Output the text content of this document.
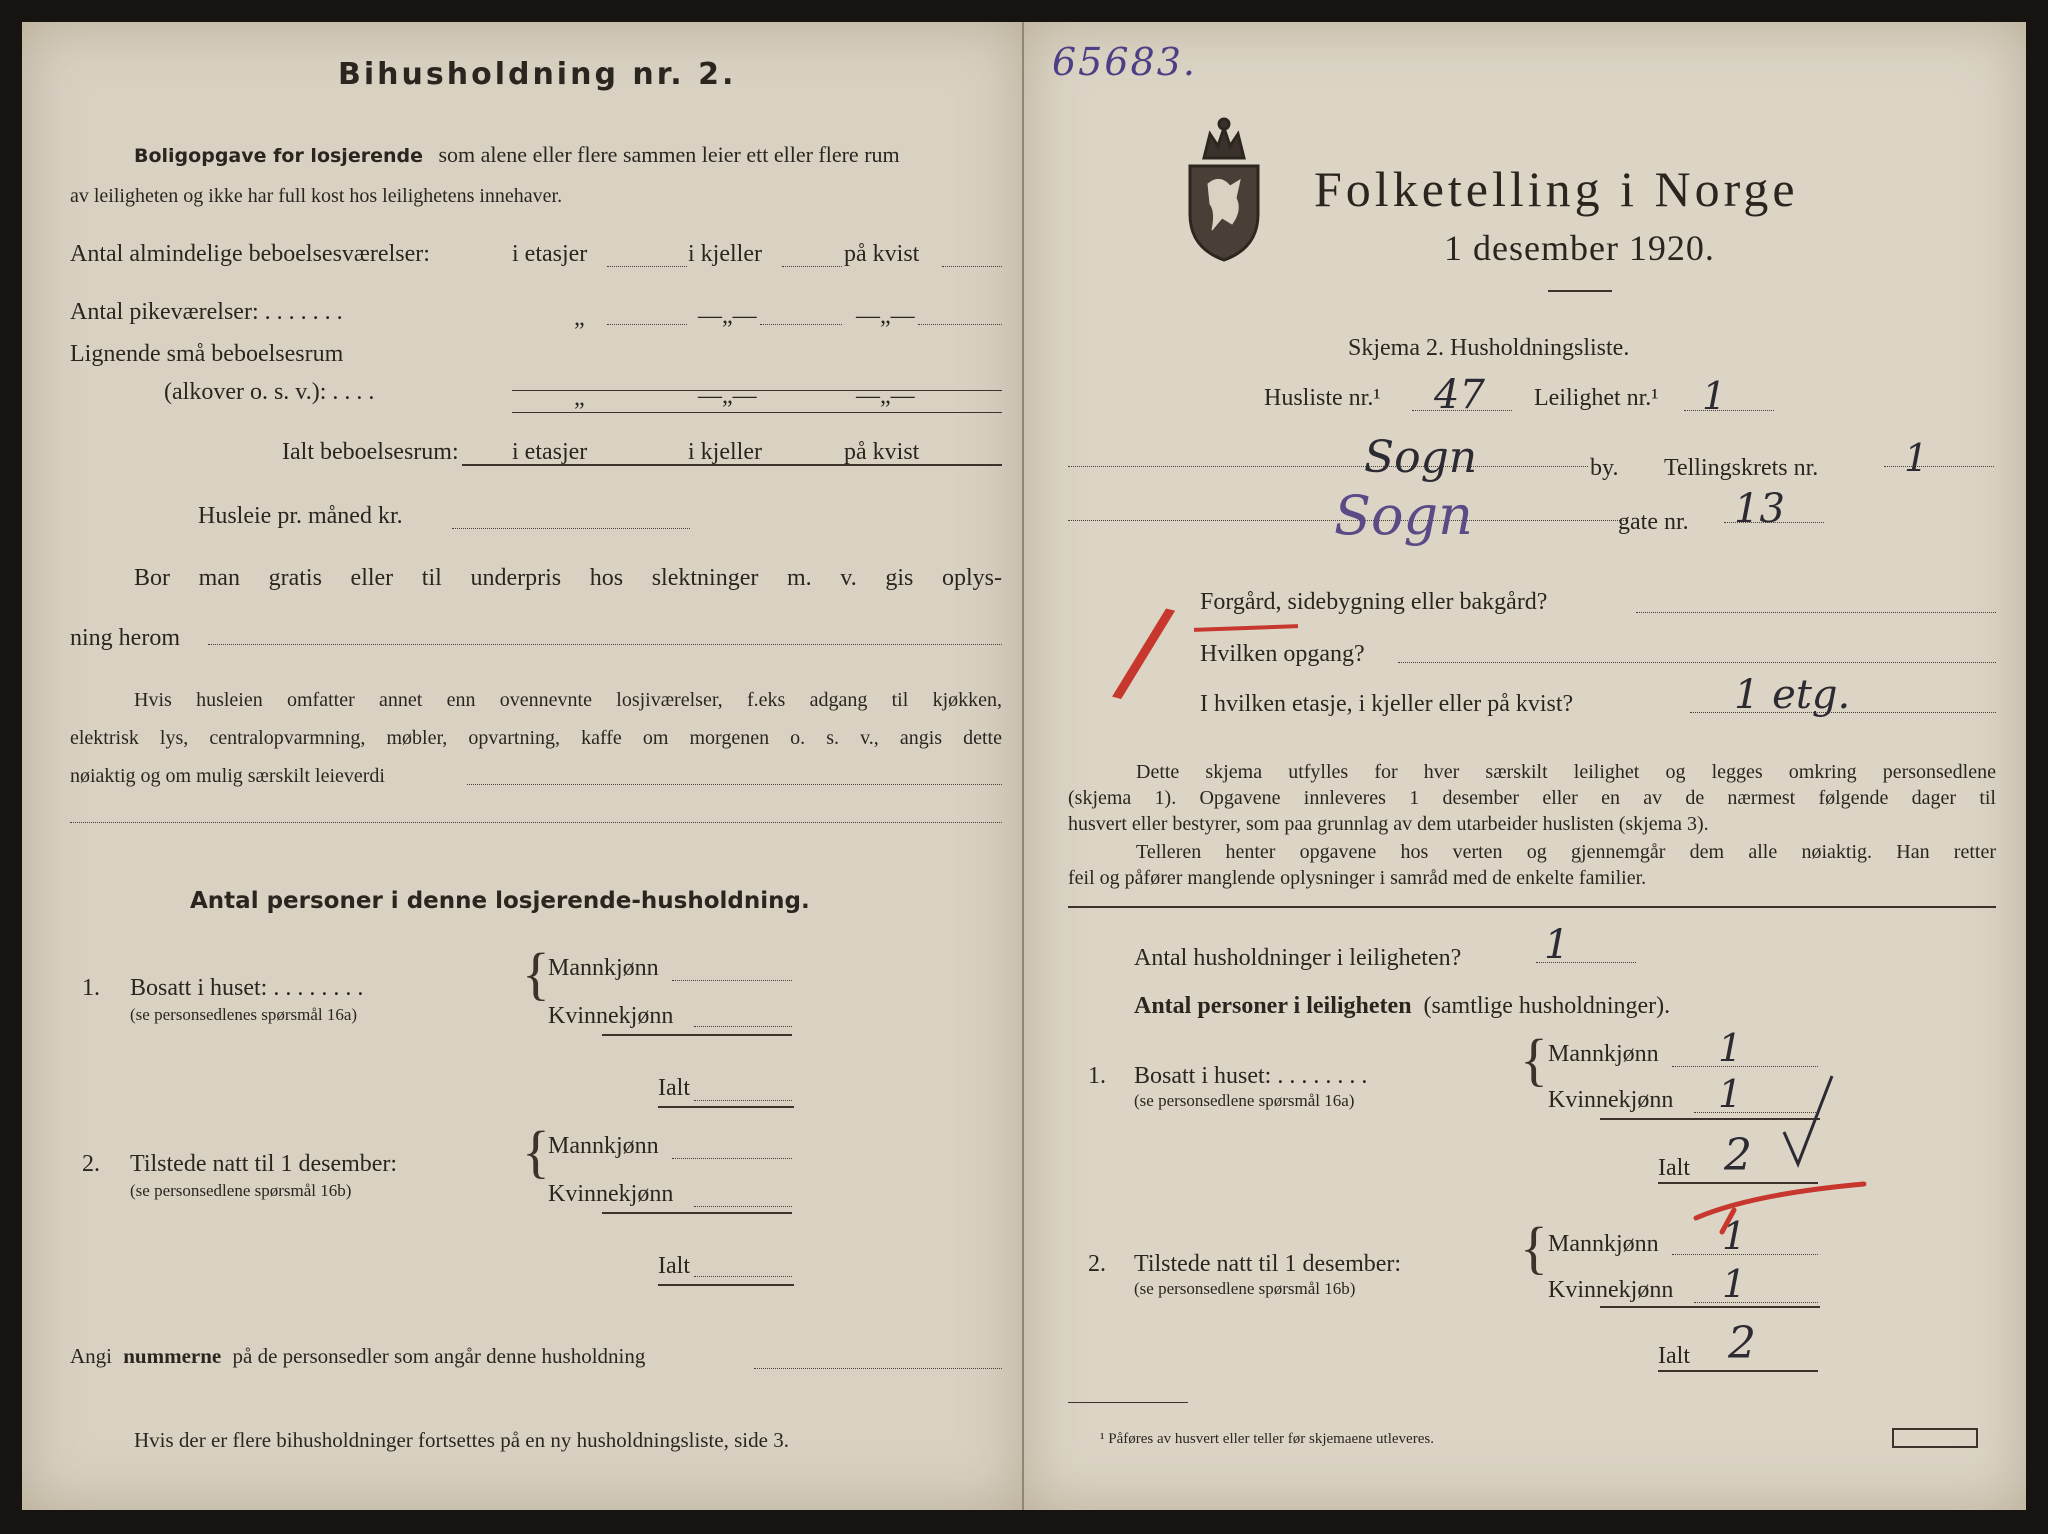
Bihusholdning nr. 2.
Boligopgave for losjerende som alene eller flere sammen leier ett eller flere rum
av leiligheten og ikke har full kost hos leilighetens innehaver.
Antal almindelige beboelsesværelser:	i etasjer	i kjeller	på kvist
Antal pikeværelser: . . . . . . .	„	—„—	—„—
Lignende små beboelsesrum
(alkover o. s. v.): . . . .	„	—„—	—„—
Ialt beboelsesrum: i etasjer	i kjeller	på kvist
Husleie pr. måned kr.
Bor man gratis eller til underpris hos slektninger m. v. gis oplys-
ning herom
Hvis husleien omfatter annet enn ovennevnte losjiværelser, f.eks adgang til kjøkken,
elektrisk lys, centralopvarmning, møbler, opvartning, kaffe om morgenen o. s. v., angis dette
nøiaktig og om mulig særskilt leieverdi
Antal personer i denne losjerende-husholdning.
1. Bosatt i huset: . . . . . . . .
(se personsedlenes spørsmål 16a)
{
Mannkjønn
Kvinnekjønn
Ialt
2. Tilstede natt til 1 desember:
(se personsedlene spørsmål 16b)
{
Mannkjønn
Kvinnekjønn
Ialt
Angi nummerne på de personsedler som angår denne husholdning
Hvis der er flere bihusholdninger fortsettes på en ny husholdningsliste, side 3.
65683.
Folketelling i Norge
1 desember 1920.
Skjema 2. Husholdningsliste.
Husliste nr.¹ 47 Leilighet nr.¹ 1
Sogn	by. Tellingskrets nr. 1
Sogn	gate nr. 13
/ Forgård, sidebygning eller bakgård?
Hvilken opgang?
I hvilken etasje, i kjeller eller på kvist?	1 etg.
Dette skjema utfylles for hver særskilt leilighet og legges omkring personsedlene
(skjema 1). Opgavene innleveres 1 desember eller en av de nærmest følgende dager til
husvert eller bestyrer, som paa grunnlag av dem utarbeider huslisten (skjema 3).
Telleren henter opgavene hos verten og gjennemgår dem alle nøiaktig. Han retter
feil og påfører manglende oplysninger i samråd med de enkelte familier.
Antal husholdninger i leiligheten? 1
Antal personer i leiligheten (samtlige husholdninger).
1. Bosatt i huset: . . . . . . . .
(se personsedlene spørsmål 16a)
{ Mannkjønn 1
Kvinnekjønn 1
Ialt 2
2. Tilstede natt til 1 desember:
(se personsedlene spørsmål 16b)
{ Mannkjønn 1
Kvinnekjønn 1
Ialt 2
¹ Påføres av husvert eller teller før skjemaene utleveres.
